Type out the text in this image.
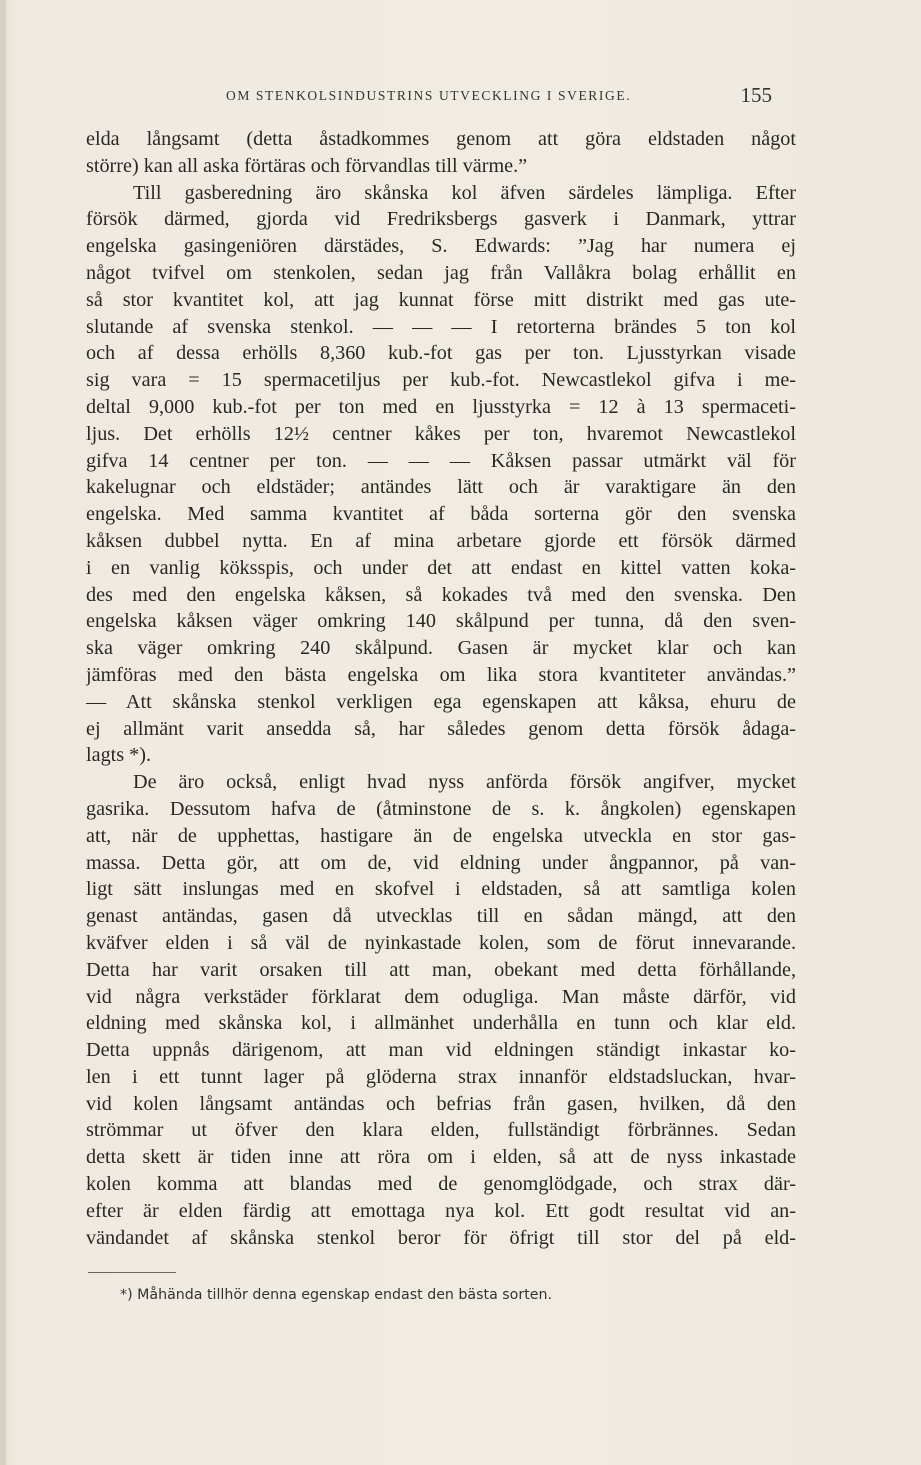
OM STENKOLSINDUSTRINS UTVECKLING I SVERIGE.	155
elda långsamt (detta åstadkommes genom att göra eldstaden något
större) kan all aska förtäras och förvandlas till värme.”
Till gasberedning äro skånska kol äfven särdeles lämpliga. Efter
försök därmed, gjorda vid Fredriksbergs gasverk i Danmark, yttrar
engelska gasingeniören därstädes, S. Edwards: ”Jag har numera ej
något tvifvel om stenkolen, sedan jag från Vallåkra bolag erhållit en
så stor kvantitet kol, att jag kunnat förse mitt distrikt med gas ute-
slutande af svenska stenkol. — — — I retorterna brändes 5 ton kol
och af dessa erhölls 8,360 kub.-fot gas per ton. Ljusstyrkan visade
sig vara = 15 spermacetiljus per kub.-fot. Newcastlekol gifva i me-
deltal 9,000 kub.-fot per ton med en ljusstyrka = 12 à 13 spermaceti-
ljus. Det erhölls 12½ centner kåkes per ton, hvaremot Newcastlekol
gifva 14 centner per ton. — — — Kåksen passar utmärkt väl för
kakelugnar och eldstäder; antändes lätt och är varaktigare än den
engelska. Med samma kvantitet af båda sorterna gör den svenska
kåksen dubbel nytta. En af mina arbetare gjorde ett försök därmed
i en vanlig köksspis, och under det att endast en kittel vatten koka-
des med den engelska kåksen, så kokades två med den svenska. Den
engelska kåksen väger omkring 140 skålpund per tunna, då den sven-
ska väger omkring 240 skålpund. Gasen är mycket klar och kan
jämföras med den bästa engelska om lika stora kvantiteter användas.”
— Att skånska stenkol verkligen ega egenskapen att kåksa, ehuru de
ej allmänt varit ansedda så, har således genom detta försök ådaga-
lagts *).
De äro också, enligt hvad nyss anförda försök angifver, mycket
gasrika. Dessutom hafva de (åtminstone de s. k. ångkolen) egenskapen
att, när de upphettas, hastigare än de engelska utveckla en stor gas-
massa. Detta gör, att om de, vid eldning under ångpannor, på van-
ligt sätt inslungas med en skofvel i eldstaden, så att samtliga kolen
genast antändas, gasen då utvecklas till en sådan mängd, att den
kväfver elden i så väl de nyinkastade kolen, som de förut innevarande.
Detta har varit orsaken till att man, obekant med detta förhållande,
vid några verkstäder förklarat dem odugliga. Man måste därför, vid
eldning med skånska kol, i allmänhet underhålla en tunn och klar eld.
Detta uppnås därigenom, att man vid eldningen ständigt inkastar ko-
len i ett tunnt lager på glöderna strax innanför eldstadsluckan, hvar-
vid kolen långsamt antändas och befrias från gasen, hvilken, då den
strömmar ut öfver den klara elden, fullständigt förbrännes. Sedan
detta skett är tiden inne att röra om i elden, så att de nyss inkastade
kolen komma att blandas med de genomglödgade, och strax där-
efter är elden färdig att emottaga nya kol. Ett godt resultat vid an-
vändandet af skånska stenkol beror för öfrigt till stor del på eld-
*) Måhända tillhör denna egenskap endast den bästa sorten.
